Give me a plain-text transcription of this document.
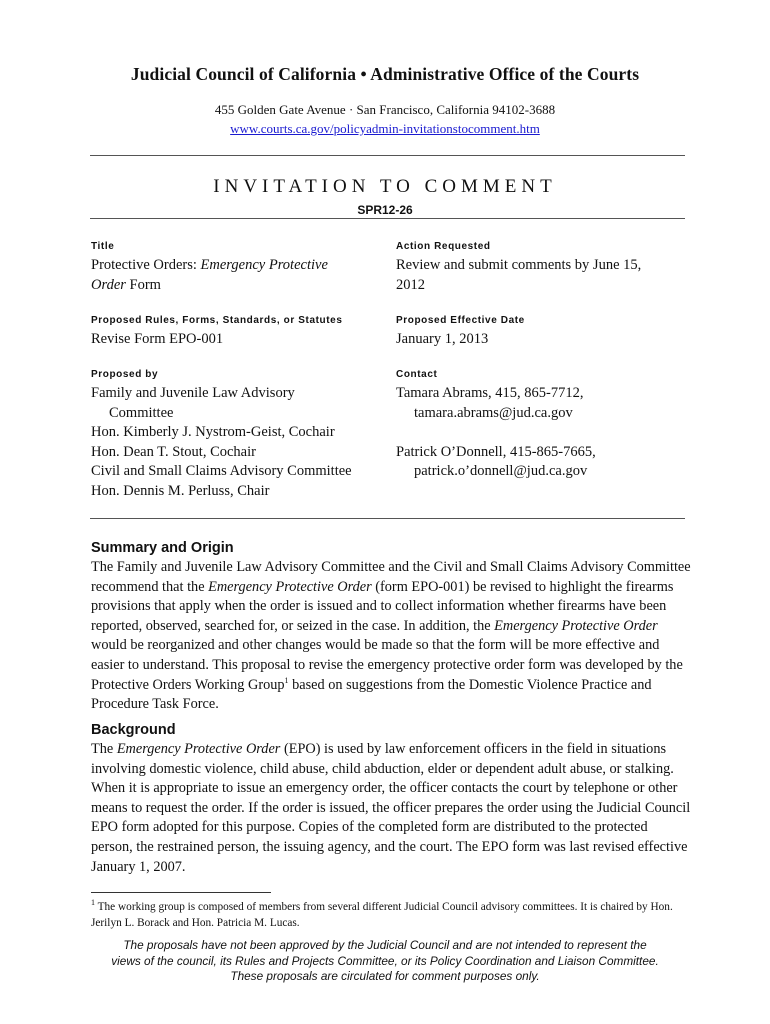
Judicial Council of California • Administrative Office of the Courts
455 Golden Gate Avenue · San Francisco, California 94102-3688
www.courts.ca.gov/policyadmin-invitationstocomment.htm
INVITATION TO COMMENT
SPR12-26
Title
Protective Orders: Emergency Protective
Order Form
Action Requested
Review and submit comments by June 15,
2012
Proposed Rules, Forms, Standards, or Statutes
Revise Form EPO-001
Proposed Effective Date
January 1, 2013
Proposed by
Family and Juvenile Law Advisory
Committee
Hon. Kimberly J. Nystrom-Geist, Cochair
Hon. Dean T. Stout, Cochair
Civil and Small Claims Advisory Committee
Hon. Dennis M. Perluss, Chair
Contact
Tamara Abrams, 415, 865-7712,
tamara.abrams@jud.ca.gov
Patrick O’Donnell, 415-865-7665,
patrick.o’donnell@jud.ca.gov
Summary and Origin

The Family and Juvenile Law Advisory Committee and the Civil and Small Claims Advisory Committee recommend that the Emergency Protective Order (form EPO-001) be revised to highlight the firearms provisions that apply when the order is issued and to collect information whether firearms have been reported, observed, searched for, or seized in the case. In addition, the Emergency Protective Order would be reorganized and other changes would be made so that the form will be more effective and easier to understand. This proposal to revise the emergency protective order form was developed by the Protective Orders Working Group$^1$ based on suggestions from the Domestic Violence Practice and Procedure Task Force.

Background

The Emergency Protective Order (EPO) is used by law enforcement officers in the field in situations involving domestic violence, child abuse, child abduction, elder or dependent adult abuse, or stalking. When it is appropriate to issue an emergency order, the officer contacts the court by telephone or other means to request the order. If the order is issued, the officer prepares the order using the Judicial Council EPO form adopted for this purpose. Copies of the completed form are distributed to the protected person, the restrained person, the issuing agency, and the court. The EPO form was last revised effective January 1, 2007.

$^1$ The working group is composed of members from several different Judicial Council advisory committees. It is chaired by Hon. Jerilyn L. Borack and Hon. Patricia M. Lucas.
The proposals have not been approved by the Judicial Council and are not intended to represent the
views of the council, its Rules and Projects Committee, or its Policy Coordination and Liaison Committee.
These proposals are circulated for comment purposes only.
